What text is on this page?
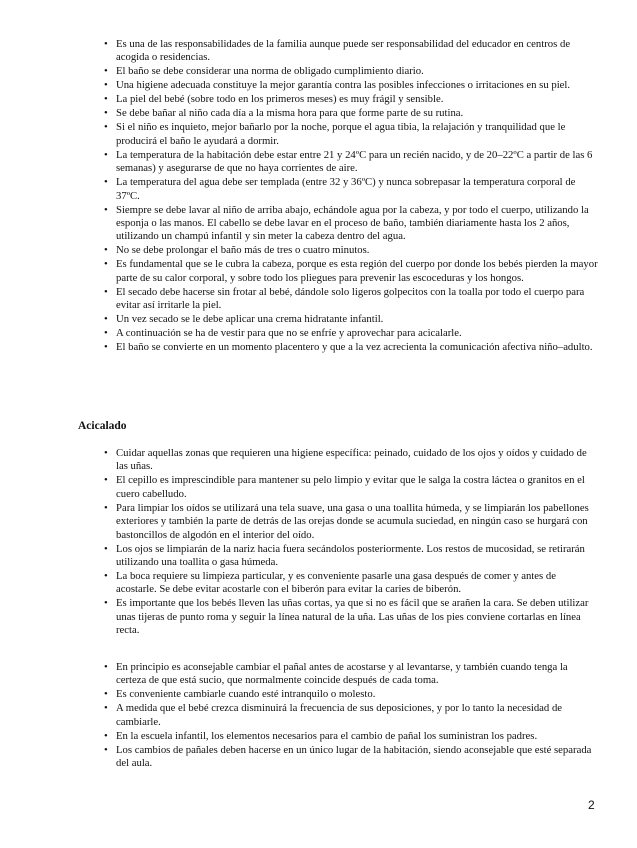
• Es una de las responsabilidades de la familia aunque puede ser responsabilidad del educador en centros de acogida o residencias.
• El baño se debe considerar una norma de obligado cumplimiento diario.
• Una higiene adecuada constituye la mejor garantía contra las posibles infecciones o irritaciones en su piel.
• La piel del bebé (sobre todo en los primeros meses) es muy frágil y sensible.
• Se debe bañar al niño cada día a la misma hora para que forme parte de su rutina.
• Si el niño es inquieto, mejor bañarlo por la noche, porque el agua tibia, la relajación y tranquilidad que le producirá el baño le ayudará a dormir.
• La temperatura de la habitación debe estar entre 21 y 24ºC para un recién nacido, y de 20–22ºC a partir de las 6 semanas) y asegurarse de que no haya corrientes de aire.
• La temperatura del agua debe ser templada (entre 32 y 36ºC) y nunca sobrepasar la temperatura corporal de 37ºC.
• Siempre se debe lavar al niño de arriba abajo, echándole agua por la cabeza, y por todo el cuerpo, utilizando la esponja o las manos. El cabello se debe lavar en el proceso de baño, también diariamente hasta los 2 años, utilizando un champú infantil y sin meter la cabeza dentro del agua.
• No se debe prolongar el baño más de tres o cuatro minutos.
• Es fundamental que se le cubra la cabeza, porque es esta región del cuerpo por donde los bebés pierden la mayor parte de su calor corporal, y sobre todo los pliegues para prevenir las escoceduras y los hongos.
• El secado debe hacerse sin frotar al bebé, dándole solo ligeros golpecitos con la toalla por todo el cuerpo para evitar así irritarle la piel.
• Un vez secado se le debe aplicar una crema hidratante infantil.
• A continuación se ha de vestir para que no se enfríe y aprovechar para acicalarle.
• El baño se convierte en un momento placentero y que a la vez acrecienta la comunicación afectiva niño–adulto.
Acicalado
• Cuidar aquellas zonas que requieren una higiene específica: peinado, cuidado de los ojos y oídos y cuidado de las uñas.
• El cepillo es imprescindible para mantener su pelo limpio y evitar que le salga la costra láctea o granitos en el cuero cabelludo.
• Para limpiar los oídos se utilizará una tela suave, una gasa o una toallita húmeda, y se limpiarán los pabellones exteriores y también la parte de detrás de las orejas donde se acumula suciedad, en ningún caso se hurgará con bastoncillos de algodón en el interior del oído.
• Los ojos se limpiarán de la nariz hacia fuera secándolos posteriormente. Los restos de mucosidad, se retirarán utilizando una toallita o gasa húmeda.
• La boca requiere su limpieza particular, y es conveniente pasarle una gasa después de comer y antes de acostarle. Se debe evitar acostarle con el biberón para evitar la caries de biberón.
• Es importante que los bebés lleven las uñas cortas, ya que si no es fácil que se arañen la cara. Se deben utilizar unas tijeras de punto roma y seguir la línea natural de la uña. Las uñas de los pies conviene cortarlas en línea recta.
• En principio es aconsejable cambiar el pañal antes de acostarse y al levantarse, y también cuando tenga la certeza de que está sucio, que normalmente coincide después de cada toma.
• Es conveniente cambiarle cuando esté intranquilo o molesto.
• A medida que el bebé crezca disminuirá la frecuencia de sus deposiciones, y por lo tanto la necesidad de cambiarle.
• En la escuela infantil, los elementos necesarios para el cambio de pañal los suministran los padres.
• Los cambios de pañales deben hacerse en un único lugar de la habitación, siendo aconsejable que esté separada del aula.
2
